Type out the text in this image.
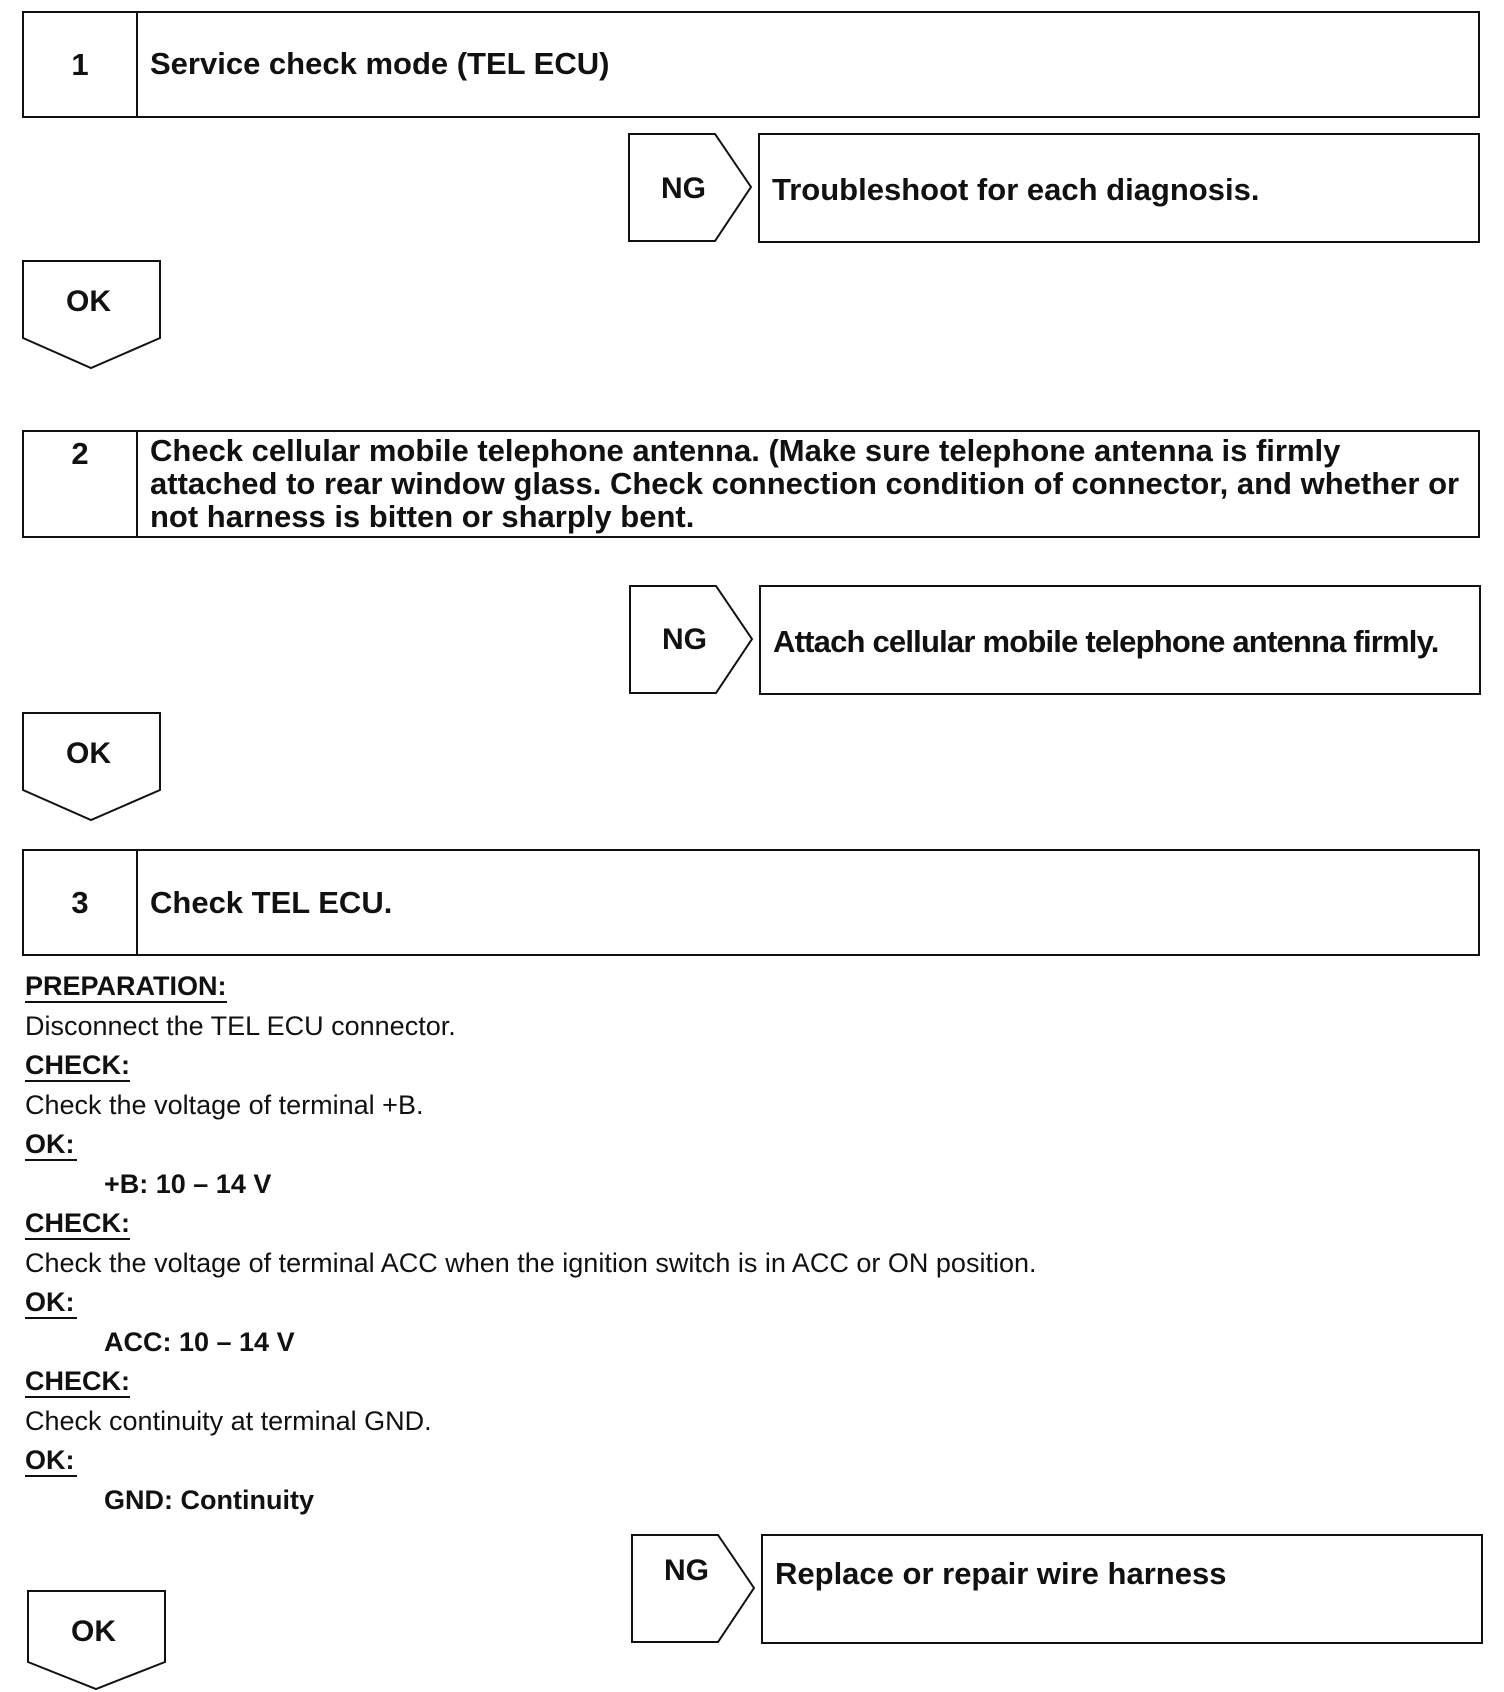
1	Service check mode (TEL ECU)
NG Troubleshoot for each diagnosis.
OK
2	Check cellular mobile telephone antenna. (Make sure telephone antenna is firmly attached to rear window glass. Check connection condition of connector, and whether or not harness is bitten or sharply bent.
NG Attach cellular mobile telephone antenna firmly.
OK
3	Check TEL ECU.
PREPARATION:
Disconnect the TEL ECU connector.
CHECK:
Check the voltage of terminal +B.
OK:
+B: 10 – 14 V
CHECK:
Check the voltage of terminal ACC when the ignition switch is in ACC or ON position.
OK:
ACC: 10 – 14 V
CHECK:
Check continuity at terminal GND.
OK:
GND: Continuity
NG Replace or repair wire harness
OK
